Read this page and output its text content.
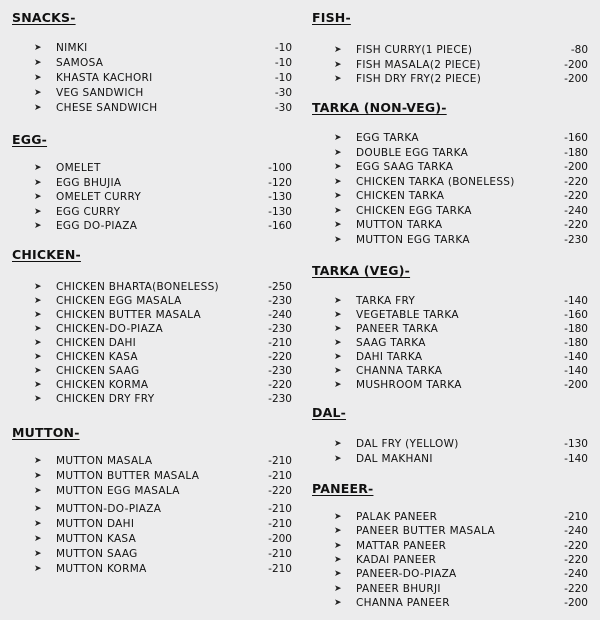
SNACKS-
➤ NIMKI	-10
➤ SAMOSA	-10
➤ KHASTA KACHORI	-10
➤ VEG SANDWICH	-30
➤ CHESE SANDWICH	-30
EGG-
➤ OMELET	-100
➤ EGG BHUJIA	-120
➤ OMELET CURRY	-130
➤ EGG CURRY	-130
➤ EGG DO-PIAZA	-160
CHICKEN-
➤ CHICKEN BHARTA(BONELESS)	-250
➤ CHICKEN EGG MASALA	-230
➤ CHICKEN BUTTER MASALA	-240
➤ CHICKEN-DO-PIAZA	-230
➤ CHICKEN DAHI	-210
➤ CHICKEN KASA	-220
➤ CHICKEN SAAG	-230
➤ CHICKEN KORMA	-220
➤ CHICKEN DRY FRY	-230
MUTTON-
➤ MUTTON MASALA	-210
➤ MUTTON BUTTER MASALA	-210
➤ MUTTON EGG MASALA	-220
➤ MUTTON-DO-PIAZA	-210
➤ MUTTON DAHI	-210
➤ MUTTON KASA	-200
➤ MUTTON SAAG	-210
➤ MUTTON KORMA	-210
FISH-
➤ FISH CURRY(1 PIECE)	-80
➤ FISH MASALA(2 PIECE)	-200
➤ FISH DRY FRY(2 PIECE)	-200
TARKA (NON-VEG)-
➤ EGG TARKA	-160
➤ DOUBLE EGG TARKA	-180
➤ EGG SAAG TARKA	-200
➤ CHICKEN TARKA (BONELESS)	-220
➤ CHICKEN TARKA	-220
➤ CHICKEN EGG TARKA	-240
➤ MUTTON TARKA	-220
➤ MUTTON EGG TARKA	-230
TARKA (VEG)-
➤ TARKA FRY	-140
➤ VEGETABLE TARKA	-160
➤ PANEER TARKA	-180
➤ SAAG TARKA	-180
➤ DAHI TARKA	-140
➤ CHANNA TARKA	-140
➤ MUSHROOM TARKA	-200
DAL-
➤ DAL FRY (YELLOW)	-130
➤ DAL MAKHANI	-140
PANEER-
➤ PALAK PANEER	-210
➤ PANEER BUTTER MASALA	-240
➤ MATTAR PANEER	-220
➤ KADAI PANEER	-220
➤ PANEER-DO-PIAZA	-240
➤ PANEER BHURJI	-220
➤ CHANNA PANEER	-200
